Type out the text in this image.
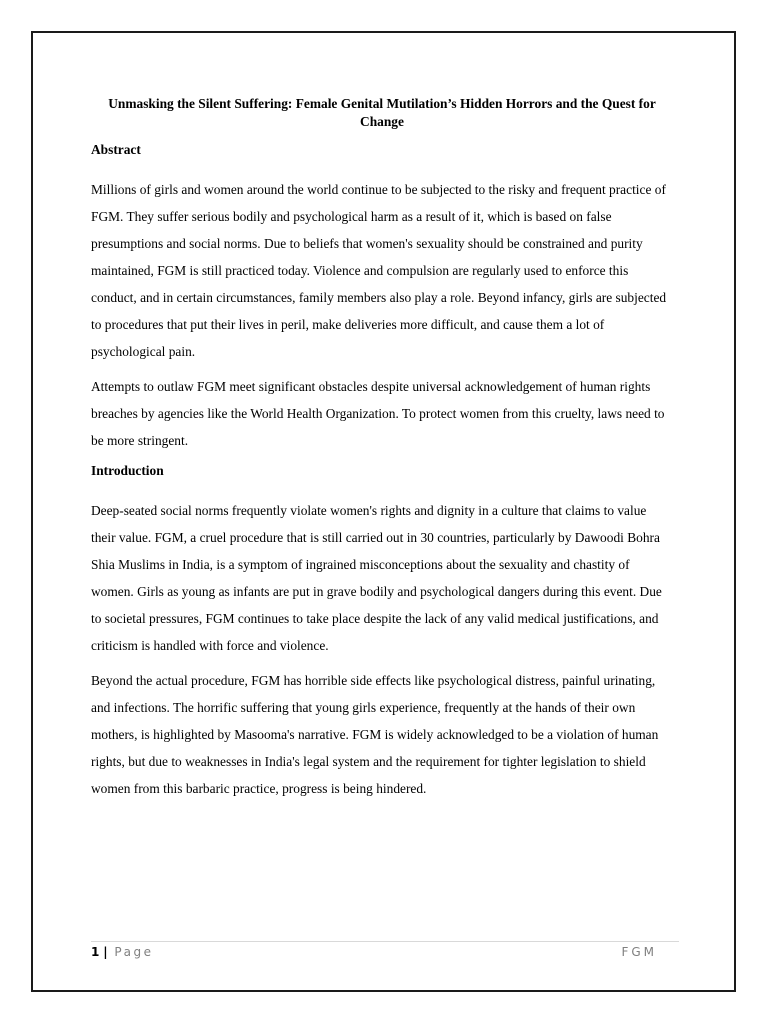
Unmasking the Silent Suffering: Female Genital Mutilation’s Hidden Horrors and the Quest for Change
Abstract

Millions of girls and women around the world continue to be subjected to the risky and frequent practice of FGM. They suffer serious bodily and psychological harm as a result of it, which is based on false presumptions and social norms. Due to beliefs that women's sexuality should be constrained and purity maintained, FGM is still practiced today. Violence and compulsion are regularly used to enforce this conduct, and in certain circumstances, family members also play a role. Beyond infancy, girls are subjected to procedures that put their lives in peril, make deliveries more difficult, and cause them a lot of psychological pain.

Attempts to outlaw FGM meet significant obstacles despite universal acknowledgement of human rights breaches by agencies like the World Health Organization. To protect women from this cruelty, laws need to be more stringent.

Introduction

Deep-seated social norms frequently violate women's rights and dignity in a culture that claims to value their value. FGM, a cruel procedure that is still carried out in 30 countries, particularly by Dawoodi Bohra Shia Muslims in India, is a symptom of ingrained misconceptions about the sexuality and chastity of women. Girls as young as infants are put in grave bodily and psychological dangers during this event. Due to societal pressures, FGM continues to take place despite the lack of any valid medical justifications, and criticism is handled with force and violence.

Beyond the actual procedure, FGM has horrible side effects like psychological distress, painful urinating, and infections. The horrific suffering that young girls experience, frequently at the hands of their own mothers, is highlighted by Masooma's narrative. FGM is widely acknowledged to be a violation of human rights, but due to weaknesses in India's legal system and the requirement for tighter legislation to shield women from this barbaric practice, progress is being hindered.

1 | Page	FGM
